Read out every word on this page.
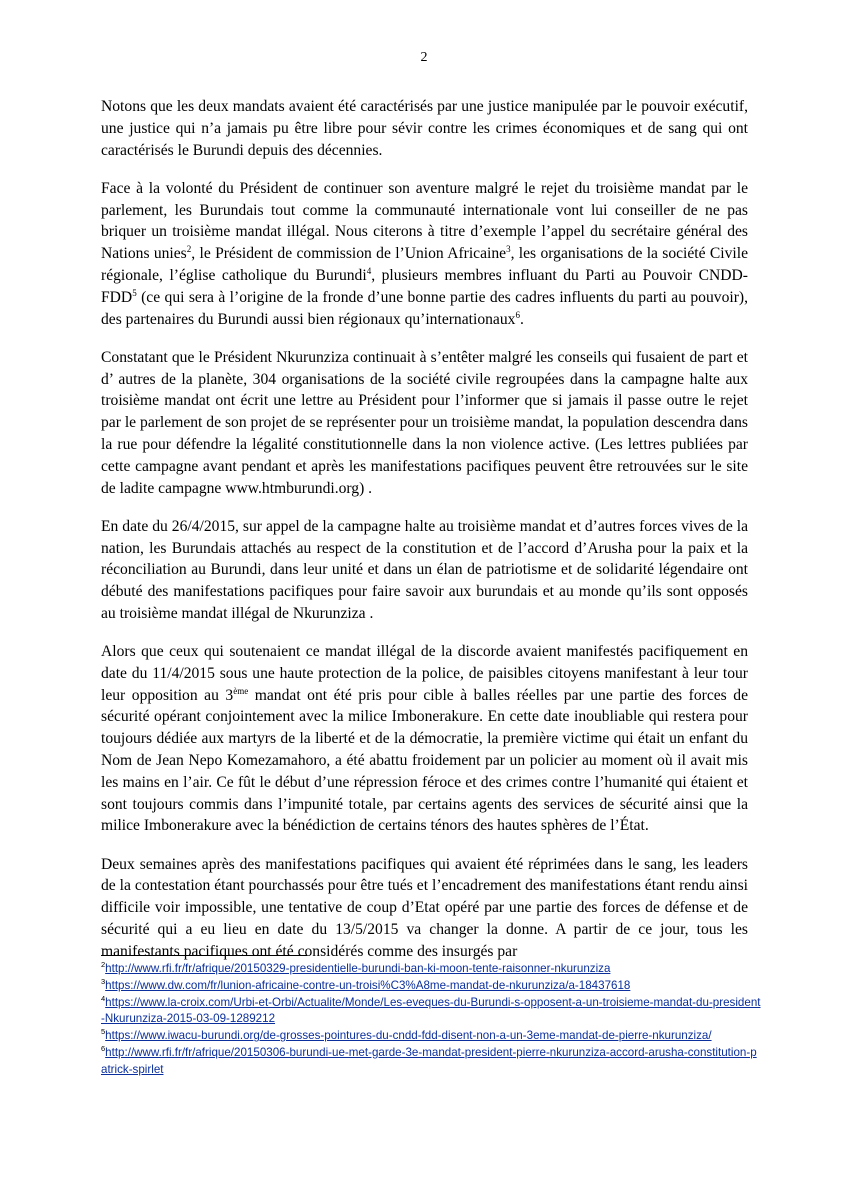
2

Notons que les deux mandats avaient été caractérisés par une justice manipulée par le pouvoir exécutif, une justice qui n’a jamais pu être libre pour sévir contre les crimes économiques et de sang qui ont caractérisés le Burundi depuis des décennies.

Face à la volonté du Président de continuer son aventure malgré le rejet du troisième mandat par le parlement, les Burundais tout comme la communauté internationale vont lui conseiller de ne pas briquer un troisième mandat illégal. Nous citerons à titre d’exemple l’appel du secrétaire général des Nations unies$^2$, le Président de commission de l’Union Africaine$^3$, les organisations de la société Civile régionale, l’église catholique du Burundi$^4$, plusieurs membres influant du Parti au Pouvoir CNDD-FDD$^5$ (ce qui sera à l’origine de la fronde d’une bonne partie des cadres influents du parti au pouvoir), des partenaires du Burundi aussi bien régionaux qu’internationaux$^6$.

Constatant que le Président Nkurunziza continuait à s’entêter malgré les conseils qui fusaient de part et d’ autres de la planète, 304 organisations de la société civile regroupées dans la campagne halte aux troisième mandat ont écrit une lettre au Président pour l’informer que si jamais il passe outre le rejet par le parlement de son projet de se représenter pour un troisième mandat, la population descendra dans la rue pour défendre la légalité constitutionnelle dans la non violence active. (Les lettres publiées par cette campagne avant pendant et après les manifestations pacifiques peuvent être retrouvées sur le site de ladite campagne www.htmburundi.org) .

En date du 26/4/2015, sur appel de la campagne halte au troisième mandat et d’autres forces vives de la nation, les Burundais attachés au respect de la constitution et de l’accord d’Arusha pour la paix et la réconciliation au Burundi, dans leur unité et dans un élan de patriotisme et de solidarité légendaire ont débuté des manifestations pacifiques pour faire savoir aux burundais et au monde qu’ils sont opposés au troisième mandat illégal de Nkurunziza .

Alors que ceux qui soutenaient ce mandat illégal de la discorde avaient manifestés pacifiquement en date du 11/4/2015 sous une haute protection de la police, de paisibles citoyens manifestant à leur tour leur opposition au 3ème mandat ont été pris pour cible à balles réelles par une partie des forces de sécurité opérant conjointement avec la milice Imbonerakure. En cette date inoubliable qui restera pour toujours dédiée aux martyrs de la liberté et de la démocratie, la première victime qui était un enfant du Nom de Jean Nepo Komezamahoro, a été abattu froidement par un policier au moment où il avait mis les mains en l’air. Ce fût le début d’une répression féroce et des crimes contre l’humanité qui étaient et sont toujours commis dans l’impunité totale, par certains agents des services de sécurité ainsi que la milice Imbonerakure avec la bénédiction de certains ténors des hautes sphères de l’État.

Deux semaines après des manifestations pacifiques qui avaient été réprimées dans le sang, les leaders de la contestation étant pourchassés pour être tués et l’encadrement des manifestations étant rendu ainsi difficile voir impossible, une tentative de coup d’Etat opéré par une partie des forces de défense et de sécurité qui a eu lieu en date du 13/5/2015 va changer la donne. A partir de ce jour, tous les manifestants pacifiques ont été considérés comme des insurgés par

$^2$http://www.rfi.fr/fr/afrique/20150329-presidentielle-burundi-ban-ki-moon-tente-raisonner-nkurunziza

$^3$https://www.dw.com/fr/lunion-africaine-contre-un-troisi%C3%A8me-mandat-de-nkurunziza/a-18437618

$^4$https://www.la-croix.com/Urbi-et-Orbi/Actualite/Monde/Les-eveques-du-Burundi-s-opposent-a-un-troisieme-mandat-du-president-Nkurunziza-2015-03-09-1289212

$^5$https://www.iwacu-burundi.org/de-grosses-pointures-du-cndd-fdd-disent-non-a-un-3eme-mandat-de-pierre-nkurunziza/

$^6$http://www.rfi.fr/fr/afrique/20150306-burundi-ue-met-garde-3e-mandat-president-pierre-nkurunziza-accord-arusha-constitution-patrick-spirlet
